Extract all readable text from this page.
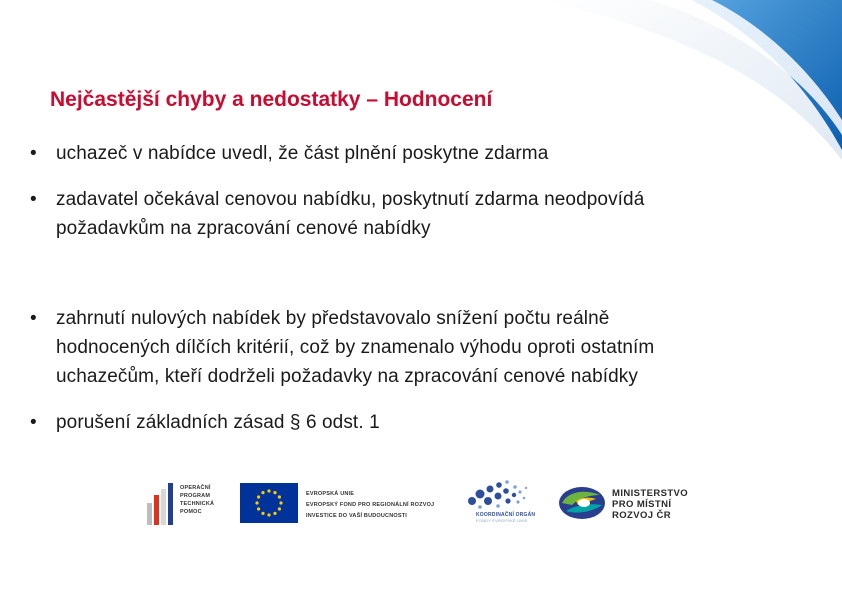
Nejčastější chyby a nedostatky – Hodnocení
• uchazeč v nabídce uvedl, že část plnění poskytne zdarma
• zadavatel očekával cenovou nabídku, poskytnutí zdarma neodpovídá
požadavkům na zpracování cenové nabídky
• zahrnutí nulových nabídek by představovalo snížení počtu reálně
hodnocených dílčích kritérií, což by znamenalo výhodu oproti ostatním
uchazečům, kteří dodrželi požadavky na zpracování cenové nabídky
• porušení základních zásad § 6 odst. 1
OPERAČNÍ
PROGRAM
TECHNICKÁ
POMOC
EVROPSKÁ UNIE
EVROPSKÝ FOND PRO REGIONÁLNÍ ROZVOJ
INVESTICE DO VAŠÍ BUDOUCNOSTI	KOORDINAČNÍ ORGÁN
FONDY EVROPSKÉ UNIE
MINISTERSTVO
PRO MÍSTNÍ
ROZVOJ ČR
